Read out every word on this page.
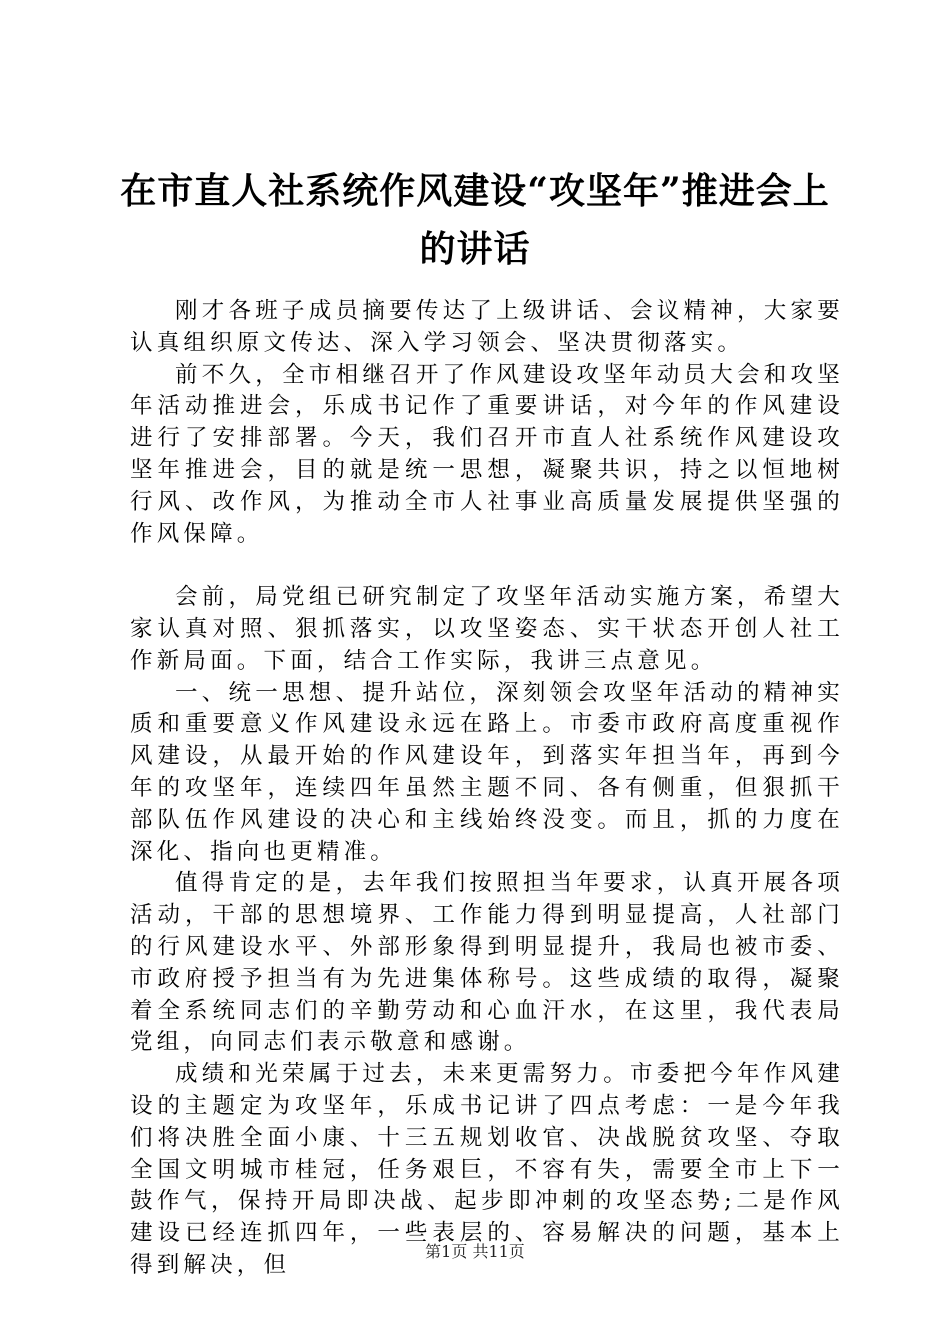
在市直人社系统作风建设“攻坚年”推进会上的讲话

刚才各班子成员摘要传达了上级讲话、会议精神，大家要认真组织原文传达、深入学习领会、坚决贯彻落实。

前不久，全市相继召开了作风建设攻坚年动员大会和攻坚年活动推进会，乐成书记作了重要讲话，对今年的作风建设进行了安排部署。今天，我们召开市直人社系统作风建设攻坚年推进会，目的就是统一思想，凝聚共识，持之以恒地树行风、改作风，为推动全市人社事业高质量发展提供坚强的作风保障。

会前，局党组已研究制定了攻坚年活动实施方案，希望大家认真对照、狠抓落实，以攻坚姿态、实干状态开创人社工作新局面。下面，结合工作实际，我讲三点意见。

一、统一思想、提升站位，深刻领会攻坚年活动的精神实质和重要意义作风建设永远在路上。市委市政府高度重视作风建设，从最开始的作风建设年，到落实年担当年，再到今年的攻坚年，连续四年虽然主题不同、各有侧重，但狠抓干部队伍作风建设的决心和主线始终没变。而且，抓的力度在深化、指向也更精准。

值得肯定的是，去年我们按照担当年要求，认真开展各项活动，干部的思想境界、工作能力得到明显提高，人社部门的行风建设水平、外部形象得到明显提升，我局也被市委、市政府授予担当有为先进集体称号。这些成绩的取得，凝聚着全系统同志们的辛勤劳动和心血汗水，在这里，我代表局党组，向同志们表示敬意和感谢。

成绩和光荣属于过去，未来更需努力。市委把今年作风建设的主题定为攻坚年，乐成书记讲了四点考虑：一是今年我们将决胜全面小康、十三五规划收官、决战脱贫攻坚、夺取全国文明城市桂冠，任务艰巨，不容有失，需要全市上下一鼓作气，保持开局即决战、起步即冲刺的攻坚态势;二是作风建设已经连抓四年，一些表层的、容易解决的问题，基本上得到解决，但

第1页 共11页
